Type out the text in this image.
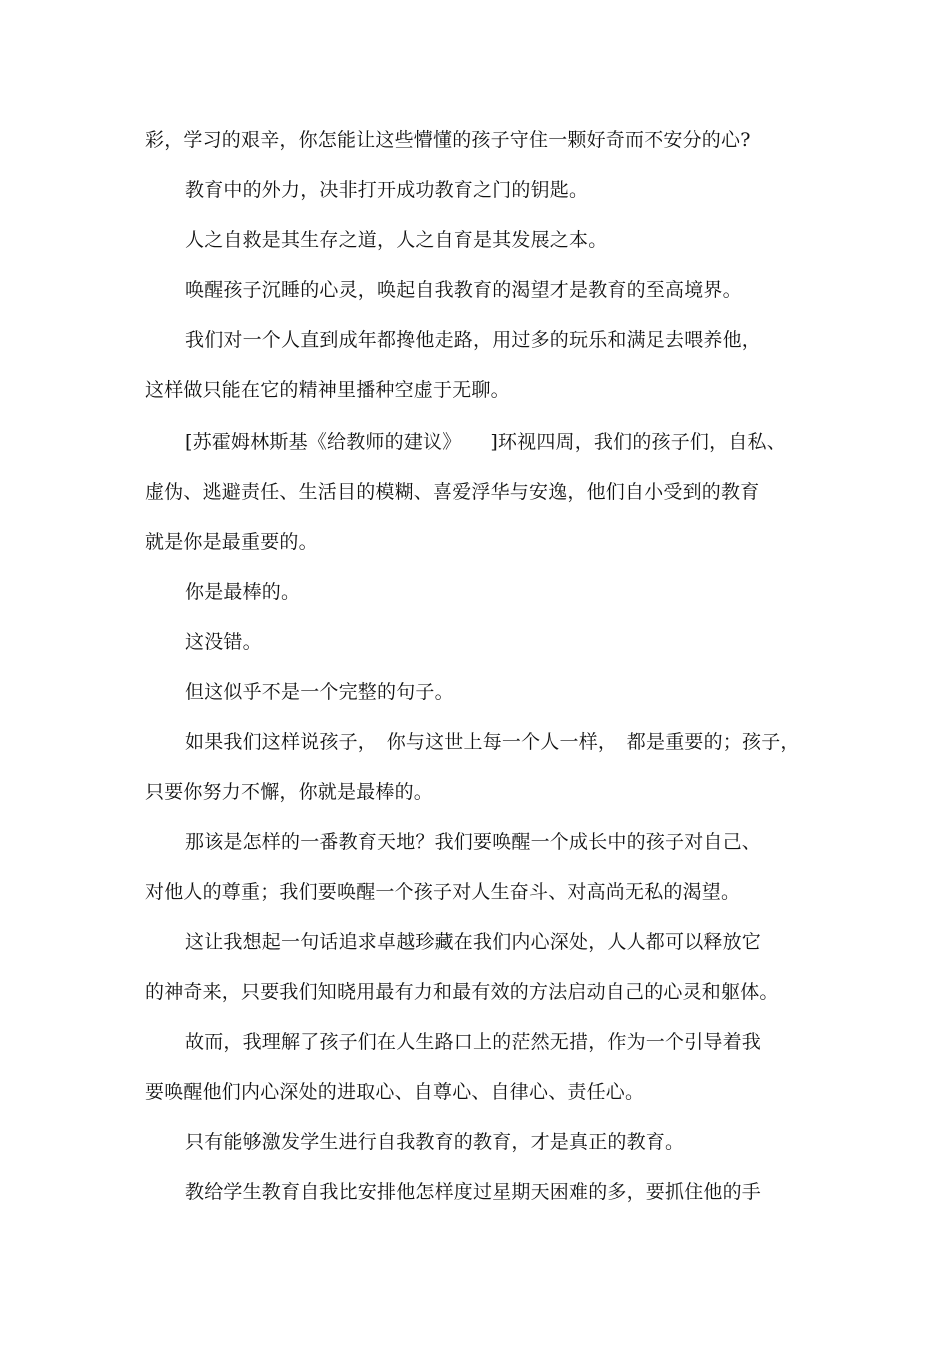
彩，学习的艰辛，你怎能让这些懵懂的孩子守住一颗好奇而不安分的心?
教育中的外力，决非打开成功教育之门的钥匙。
人之自救是其生存之道，人之自育是其发展之本。
唤醒孩子沉睡的心灵，唤起自我教育的渴望才是教育的至高境界。
我们对一个人直到成年都搀他走路，用过多的玩乐和满足去喂养他，
这样做只能在它的精神里播种空虚于无聊。
[苏霍姆林斯基《给教师的建议》　　]环视四周，我们的孩子们，自私、
虚伪、逃避责任、生活目的模糊、喜爱浮华与安逸，他们自小受到的教育
就是你是最重要的。
你是最棒的。
这没错。
但这似乎不是一个完整的句子。
如果我们这样说孩子，　你与这世上每一个人一样，　都是重要的；孩子，
只要你努力不懈，你就是最棒的。
那该是怎样的一番教育天地？我们要唤醒一个成长中的孩子对自己、
对他人的尊重；我们要唤醒一个孩子对人生奋斗、对高尚无私的渴望。
这让我想起一句话追求卓越珍藏在我们内心深处，人人都可以释放它
的神奇来，只要我们知晓用最有力和最有效的方法启动自己的心灵和躯体。
故而，我理解了孩子们在人生路口上的茫然无措，作为一个引导着我
要唤醒他们内心深处的进取心、自尊心、自律心、责任心。
只有能够激发学生进行自我教育的教育，才是真正的教育。
教给学生教育自我比安排他怎样度过星期天困难的多，要抓住他的手
